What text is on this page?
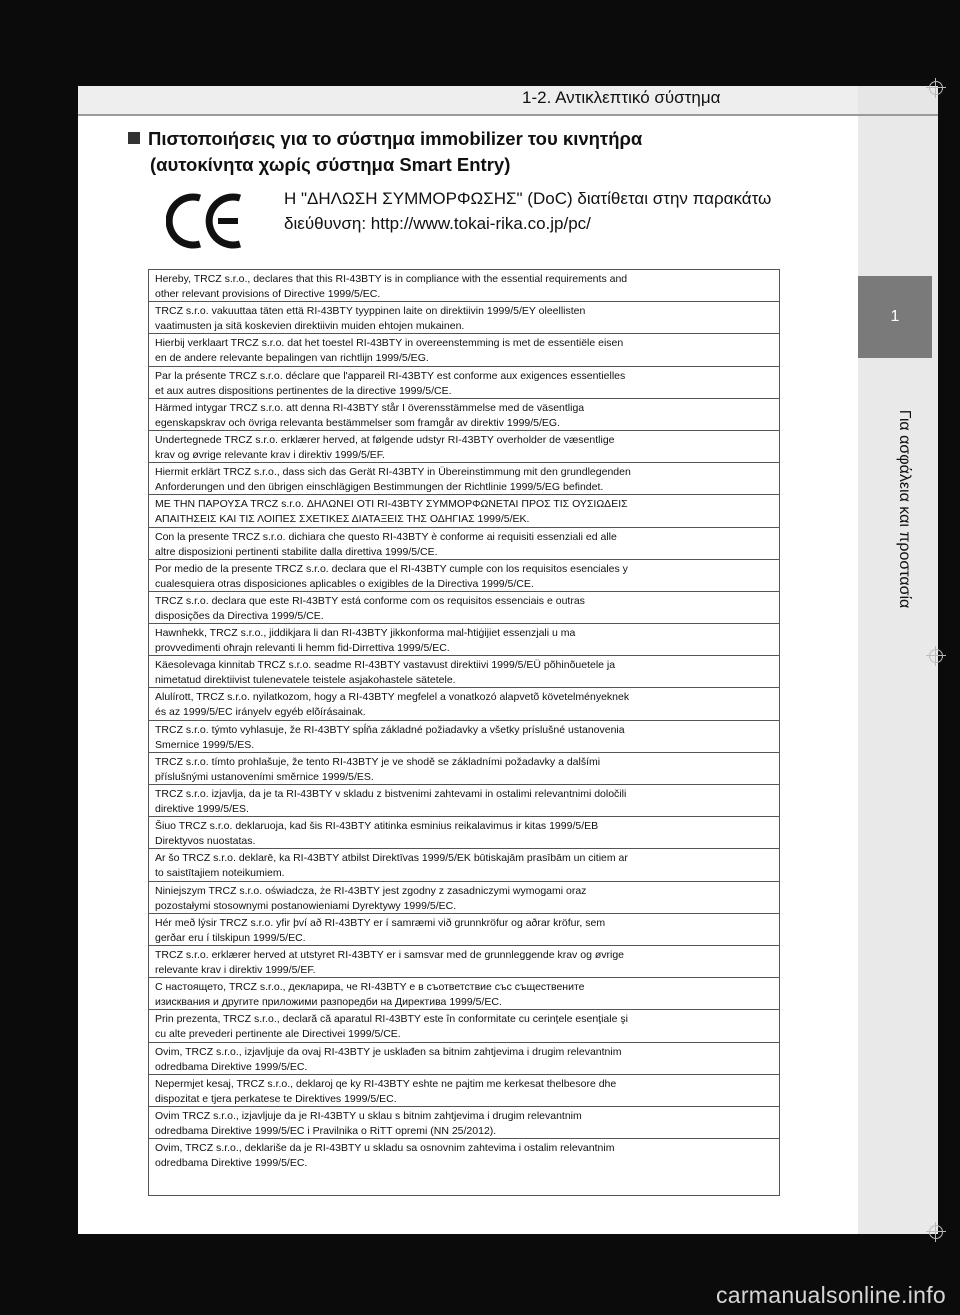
1-2. Αντικλεπτικό σύστημα
1
Για ασφάλεια και προστασία
Πιστοποιήσεις για το σύστημα immobilizer του κινητήρα
(αυτοκίνητα χωρίς σύστημα Smart Entry)
Η "ΔΗΛΩΣΗ ΣΥΜΜΟΡΦΩΣΗΣ" (DoC) διατίθεται στην παρακάτω
διεύθυνση: http://www.tokai-rika.co.jp/pc/
Hereby, TRCZ s.r.o., declares that this RI-43BTY is in compliance with the essential requirements and
other relevant provisions of Directive 1999/5/EC.
TRCZ s.r.o. vakuuttaa täten että RI-43BTY tyyppinen laite on direktiivin 1999/5/EY oleellisten
vaatimusten ja sitä koskevien direktiivin muiden ehtojen mukainen.
Hierbij verklaart TRCZ s.r.o. dat het toestel RI-43BTY in overeenstemming is met de essentiële eisen
en de andere relevante bepalingen van richtlijn 1999/5/EG.
Par la présente TRCZ s.r.o. déclare que l'appareil RI-43BTY est conforme aux exigences essentielles
et aux autres dispositions pertinentes de la directive 1999/5/CE.
Härmed intygar TRCZ s.r.o. att denna RI-43BTY står I överensstämmelse med de väsentliga
egenskapskrav och övriga relevanta bestämmelser som framgår av direktiv 1999/5/EG.
Undertegnede TRCZ s.r.o. erklærer herved, at følgende udstyr RI-43BTY overholder de væsentlige
krav og øvrige relevante krav i direktiv 1999/5/EF.
Hiermit erklärt TRCZ s.r.o., dass sich das Gerät RI-43BTY in Übereinstimmung mit den grundlegenden
Anforderungen und den übrigen einschlägigen Bestimmungen der Richtlinie 1999/5/EG befindet.
ΜΕ ΤΗΝ ΠΑΡΟΥΣΑ TRCZ s.r.o. ΔΗΛΩΝΕΙ ΟΤΙ RI-43BTY ΣΥΜΜΟΡΦΩΝΕΤΑΙ ΠΡΟΣ ΤΙΣ ΟΥΣΙΩΔΕΙΣ
ΑΠΑΙΤΗΣΕΙΣ ΚΑΙ ΤΙΣ ΛΟΙΠΕΣ ΣΧΕΤΙΚΕΣ ΔΙΑΤΑΞΕΙΣ ΤΗΣ ΟΔΗΓΙΑΣ 1999/5/ΕΚ.
Con la presente TRCZ s.r.o. dichiara che questo RI-43BTY è conforme ai requisiti essenziali ed alle
altre disposizioni pertinenti stabilite dalla direttiva 1999/5/CE.
Por medio de la presente TRCZ s.r.o. declara que el RI-43BTY cumple con los requisitos esenciales y
cualesquiera otras disposiciones aplicables o exigibles de la Directiva 1999/5/CE.
TRCZ s.r.o. declara que este RI-43BTY está conforme com os requisitos essenciais e outras
disposições da Directiva 1999/5/CE.
Hawnhekk, TRCZ s.r.o., jiddikjara li dan RI-43BTY jikkonforma mal-ħtiġijiet essenzjali u ma
provvedimenti oħrajn relevanti li hemm fid-Dirrettiva 1999/5/EC.
Käesolevaga kinnitab TRCZ s.r.o. seadme RI-43BTY vastavust direktiivi 1999/5/EÜ põhinõuetele ja
nimetatud direktiivist tulenevatele teistele asjakohastele sätetele.
Alulírott, TRCZ s.r.o. nyilatkozom, hogy a RI-43BTY megfelel a vonatkozó alapvetõ követelményeknek
és az 1999/5/EC irányelv egyéb elõírásainak.
TRCZ s.r.o. týmto vyhlasuje, že RI-43BTY spĺňa základné požiadavky a všetky príslušné ustanovenia
Smernice 1999/5/ES.
TRCZ s.r.o. tímto prohlašuje, že tento RI-43BTY je ve shodě se základními požadavky a dalšími
příslušnými ustanoveními směrnice 1999/5/ES.
TRCZ s.r.o. izjavlja, da je ta RI-43BTY v skladu z bistvenimi zahtevami in ostalimi relevantnimi določili
direktive 1999/5/ES.
Šiuo TRCZ s.r.o. deklaruoja, kad šis RI-43BTY atitinka esminius reikalavimus ir kitas 1999/5/EB
Direktyvos nuostatas.
Ar šo TRCZ s.r.o. deklarē, ka RI-43BTY atbilst Direktīvas 1999/5/EK būtiskajām prasībām un citiem ar
to saistītajiem noteikumiem.
Niniejszym TRCZ s.r.o. oświadcza, że RI-43BTY jest zgodny z zasadniczymi wymogami oraz
pozostałymi stosownymi postanowieniami Dyrektywy 1999/5/EC.
Hér með lýsir TRCZ s.r.o. yfir því að RI-43BTY er í samræmi við grunnkröfur og aðrar kröfur, sem
gerðar eru í tilskipun 1999/5/EC.
TRCZ s.r.o. erklærer herved at utstyret RI-43BTY er i samsvar med de grunnleggende krav og øvrige
relevante krav i direktiv 1999/5/EF.
С настоящето, TRCZ s.r.o., декларира, че RI-43BTY е в съответствие със съществените
изисквания и другите приложими разпоредби на Директива 1999/5/ЕС.
Prin prezenta, TRCZ s.r.o., declară că aparatul RI-43BTY este în conformitate cu cerinţele esenţiale şi
cu alte prevederi pertinente ale Directivei 1999/5/CE.
Ovim, TRCZ s.r.o., izjavljuje da ovaj RI-43BTY je usklađen sa bitnim zahtjevima i drugim relevantnim
odredbama Direktive 1999/5/EC.
Nepermjet kesaj, TRCZ s.r.o., deklaroj qe ky RI-43BTY eshte ne pajtim me kerkesat thelbesore dhe
dispozitat e tjera perkatese te Direktives 1999/5/EC.
Ovim TRCZ s.r.o., izjavljuje da je RI-43BTY u sklau s bitnim zahtjevima i drugim relevantnim
odredbama Direktive 1999/5/EC i Pravilnika o RiTT opremi (NN 25/2012).
Ovim, TRCZ s.r.o., deklariše da je RI-43BTY u skladu sa osnovnim zahtevima i ostalim relevantnim
odredbama Direktive 1999/5/EC.
carmanualsonline.info
